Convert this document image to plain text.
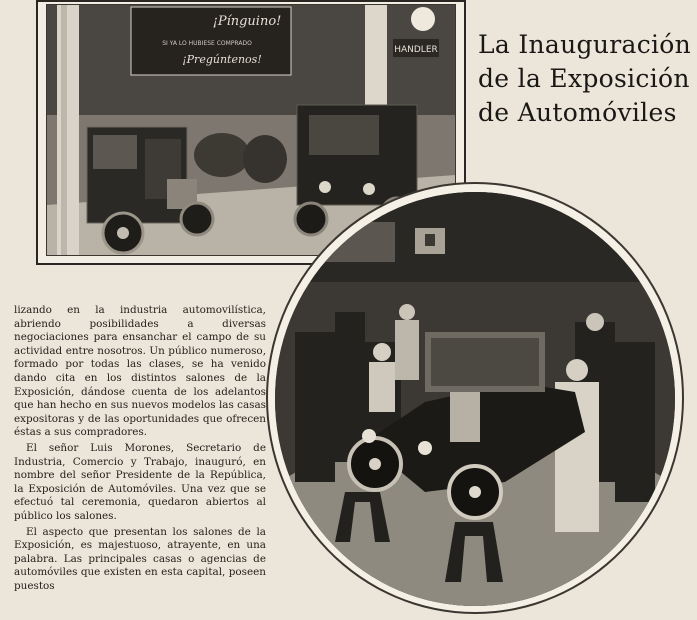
¡Pínguino!
SI YA LO HUBIESE COMPRADO
¡Pregúntenos!
HANDLER La Inauguración
de la Exposición
de Automóviles

lizando en la industria automovilística, abriendo posibilidades a diversas negociaciones para ensanchar el campo de su actividad entre nosotros. Un público numeroso, formado por todas las clases, se ha venido dando cita en los distintos salones de la Exposición, dándose cuenta de los adelantos que han hecho en sus nuevos modelos las casas expositoras y de las oportunidades que ofrecen éstas a sus compradores.

El señor Luis Morones, Secretario de Industria, Comercio y Trabajo, inauguró, en nombre del señor Presidente de la República, la Exposición de Automóviles. Una vez que se efectuó tal ceremonia, quedaron abiertos al público los salones.

El aspecto que presentan los salones de la Exposición, es majestuoso, atrayente, en una palabra. Las principales casas o agencias de automóviles que existen en esta capital, poseen puestos
